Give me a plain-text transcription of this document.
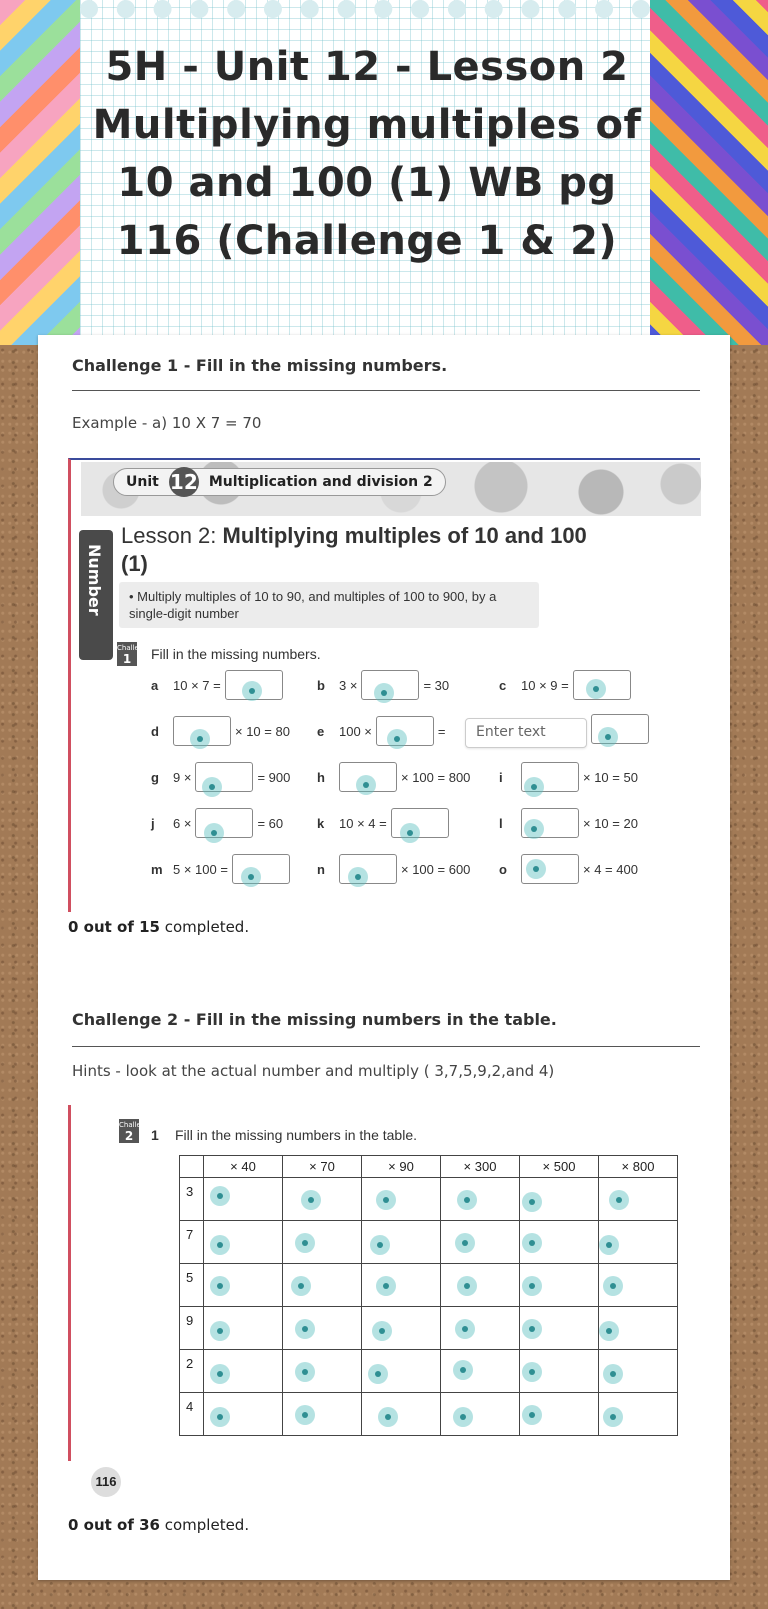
5H - Unit 12 - Lesson 2 Multiplying multiples of 10 and 100 (1) WB pg 116 (Challenge 1 & 2)
Challenge 1 - Fill in the missing numbers.
Example - a) 10 X 7 = 70
Unit 12 Multiplication and division 2
Number
Lesson 2: Multiplying multiples of 10 and 100 (1)
• Multiply multiples of 10 to 90, and multiples of 100 to 900, by a single-digit number
Challenge
1	Fill in the missing numbers.
a	10 × 7 =	b	3 ×	= 30	c	10 × 9 =
d	× 10 = 80 e	100 ×	=	Enter text
g	9 ×	= 900 h	× 100 = 800 i	× 10 = 50
j	6 ×	= 60	k	10 × 4 =	l	× 10 = 20
m 5 × 100 =	n	× 100 = 600 o	× 4 = 400
0 out of 15 completed.
Challenge 2 - Fill in the missing numbers in the table.
Hints - look at the actual number and multiply ( 3,7,5,9,2,and 4)
Challenge
2	1 Fill in the missing numbers in the table.
	× 40	× 70	× 90	× 300	× 500	× 800
3	

7	

5	

9	

2	

4	

116
0 out of 36 completed.
